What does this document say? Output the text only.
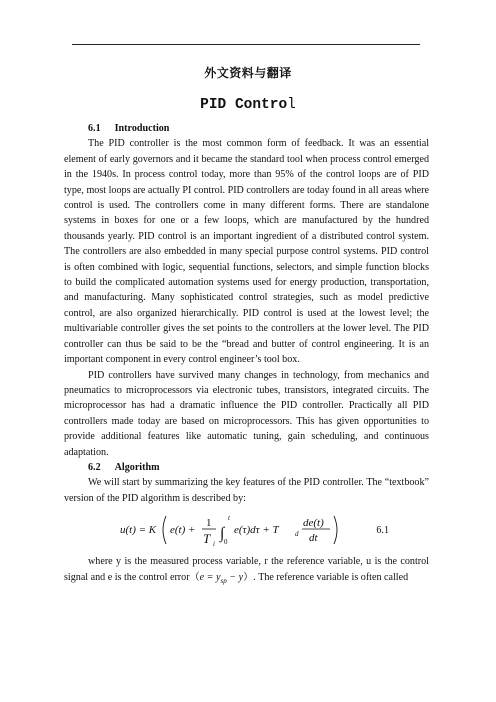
外文资料与翻译
PID Control
6.1 Introduction

The PID controller is the most common form of feedback. It was an essential element of early governors and it became the standard tool when process control emerged in the 1940s. In process control today, more than 95% of the control loops are of PID type, most loops are actually PI control. PID controllers are today found in all areas where control is used. The controllers come in many different forms. There are standalone systems in boxes for one or a few loops, which are manufactured by the hundred thousands yearly. PID control is an important ingredient of a distributed control system. The controllers are also embedded in many special purpose control systems. PID control is often combined with logic, sequential functions, selectors, and simple function blocks to build the complicated automation systems used for energy production, transportation, and manufacturing. Many sophisticated control strategies, such as model predictive control, are also organized hierarchically. PID control is used at the lowest level; the multivariable controller gives the set points to the controllers at the lower level. The PID controller can thus be said to be the “bread and butter of control engineering. It is an important component in every control engineer’s tool box.

PID controllers have survived many changes in technology, from mechanics and pneumatics to microprocessors via electronic tubes, transistors, integrated circuits. The microprocessor has had a dramatic influence the PID controller. Practically all PID controllers made today are based on microprocessors. This has given opportunities to provide additional features like automatic tuning, gain scheduling, and continuous adaptation.

6.2 Algorithm

We will start by summarizing the key features of the PID controller. The “textbook” version of the PID algorithm is described by:

u(t) = K e(t) +
1
T i
∫
t
0
e(τ)dτ + T d
de(t)
dt
6.1

where y is the measured process variable, r the reference variable, u is the control signal and e is the control error（e = $y_{sp} - y$）. The reference variable is often called
